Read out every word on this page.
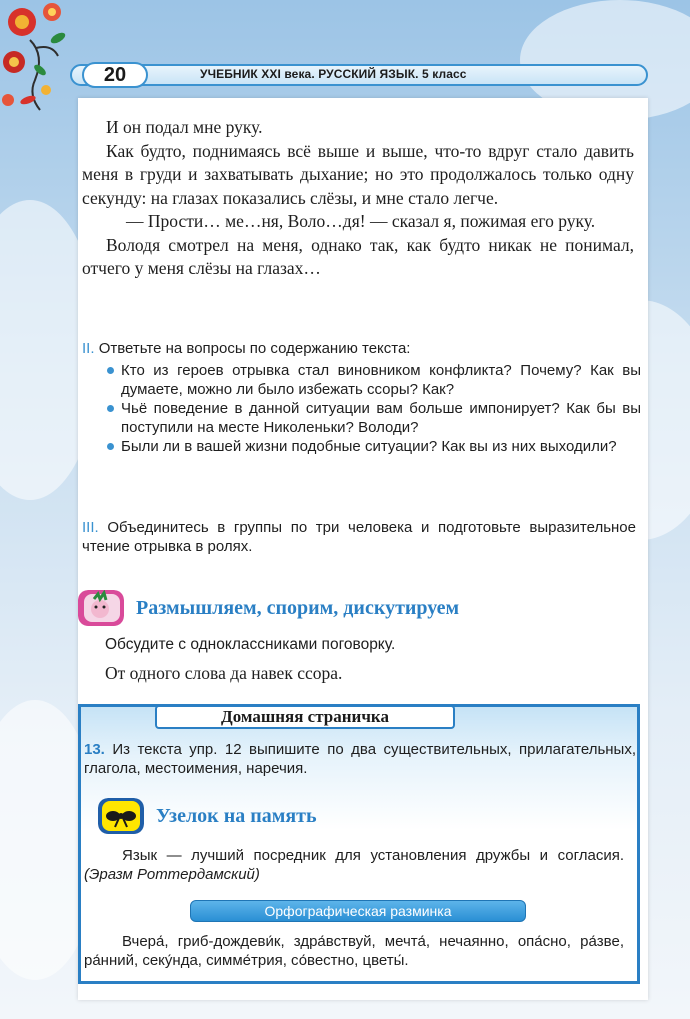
20	УЧЕБНИК XXI века. РУССКИЙ ЯЗЫК. 5 класс

И он подал мне руку.

Как будто, поднимаясь всё выше и выше, что-то вдруг стало давить меня в груди и захватывать дыхание; но это продолжалось только одну секунду: на глазах показались слёзы, и мне стало легче.

— Прости… ме…ня, Воло…дя! — сказал я, пожимая его руку.

Володя смотрел на меня, однако так, как будто никак не понимал, отчего у меня слёзы на глазах…

II. Ответьте на вопросы по содержанию текста:

Кто из героев отрывка стал виновником конфликта? Почему? Как вы думаете, можно ли было избежать ссоры? Как?
Чьё поведение в данной ситуации вам больше импонирует? Как бы вы поступили на месте Николеньки? Володи?
Были ли в вашей жизни подобные ситуации? Как вы из них выходили?

III. Объединитесь в группы по три человека и подготовьте выразительное чтение отрывка в ролях.

Размышляем, спорим, дискутируем

Обсудите с одноклассниками поговорку.

От одного слова да навек ссора.

Домашняя страничка

13. Из текста упр. 12 выпишите по два существительных, прилагательных, глагола, местоимения, наречия.

Узелок на память

Язык — лучший посредник для установления дружбы и согласия. (Эразм Роттердамский)

Орфографическая разминка

Вчера́, гриб-дождеви́к, здра́вствуй, мечта́, нечаянно, опа́сно, ра́зве, ра́нний, секу́нда, симме́трия, со́вестно, цветы́.
